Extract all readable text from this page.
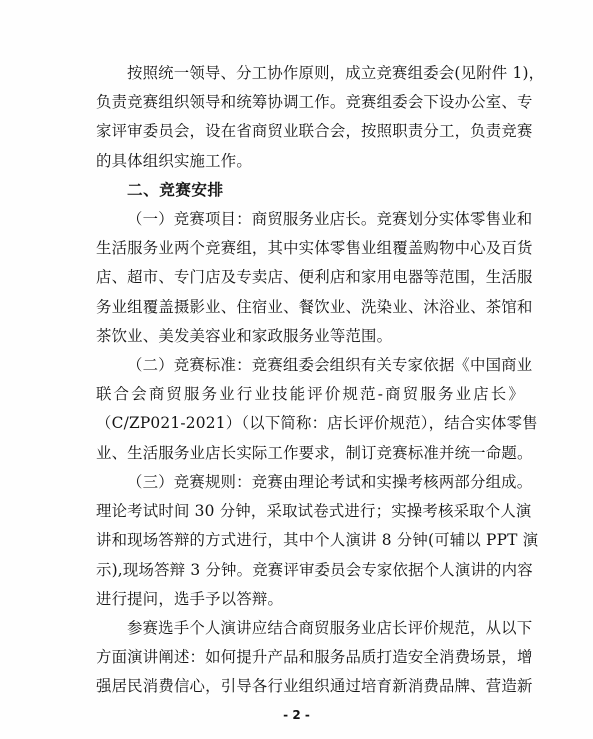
按照统一领导、分工协作原则，成立竞赛组委会(见附件 1)，
负责竞赛组织领导和统筹协调工作。竞赛组委会下设办公室、专
家评审委员会，设在省商贸业联合会，按照职责分工，负责竞赛
的具体组织实施工作。
二、竞赛安排
（一）竞赛项目：商贸服务业店长。竞赛划分实体零售业和
生活服务业两个竞赛组，其中实体零售业组覆盖购物中心及百货
店、超市、专门店及专卖店、便利店和家用电器等范围，生活服
务业组覆盖摄影业、住宿业、餐饮业、洗染业、沐浴业、茶馆和
茶饮业、美发美容业和家政服务业等范围。
（二）竞赛标准：竞赛组委会组织有关专家依据《中国商业
联合会商贸服务业行业技能评价规范-商贸服务业店长》
（C/ZP021-2021）（以下简称：店长评价规范），结合实体零售
业、生活服务业店长实际工作要求，制订竞赛标准并统一命题。
（三）竞赛规则：竞赛由理论考试和实操考核两部分组成。
理论考试时间 30 分钟，采取试卷式进行；实操考核采取个人演
讲和现场答辩的方式进行，其中个人演讲 8 分钟(可辅以 PPT 演
示),现场答辩 3 分钟。竞赛评审委员会专家依据个人演讲的内容
进行提问，选手予以答辩。
参赛选手个人演讲应结合商贸服务业店长评价规范，从以下
方面演讲阐述：如何提升产品和服务品质打造安全消费场景，增
强居民消费信心，引导各行业组织通过培育新消费品牌、营造新
- 2 -
